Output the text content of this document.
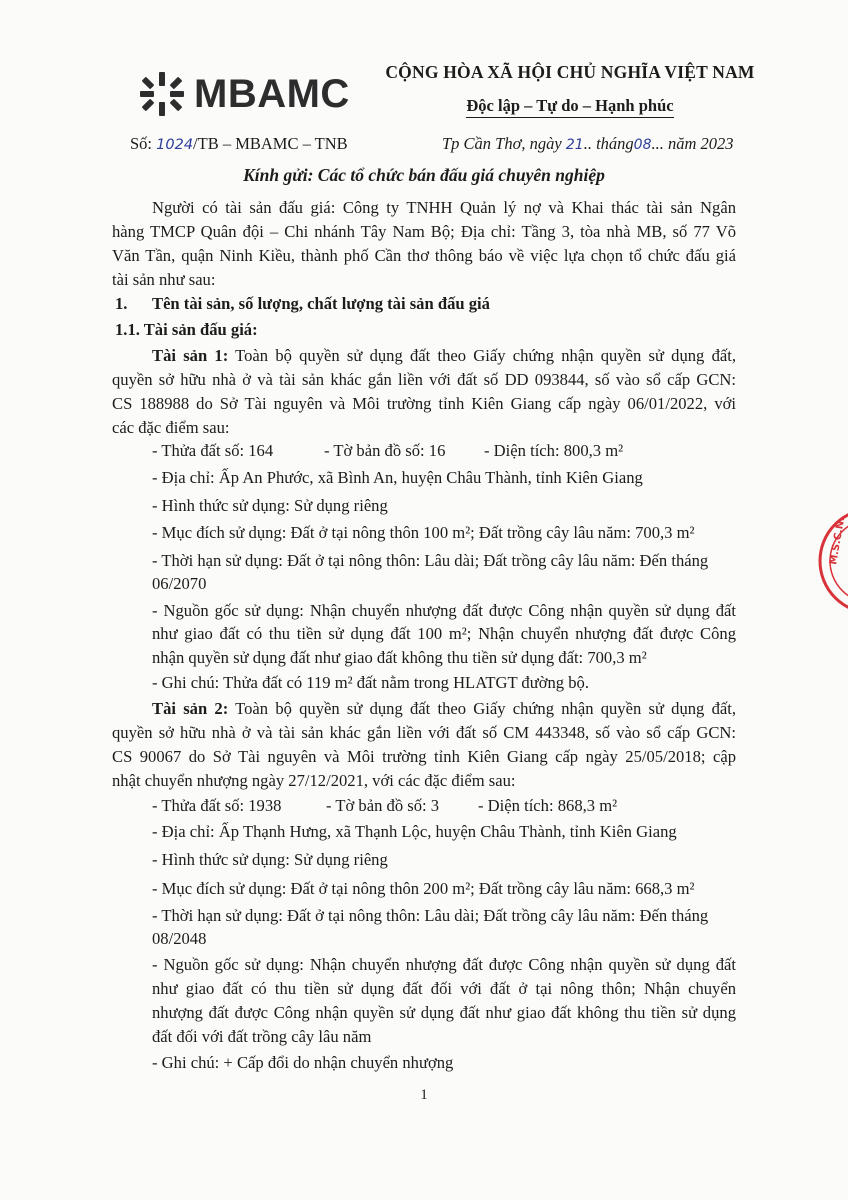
MBAMC	CỘNG HÒA XÃ HỘI CHỦ NGHĨA VIỆT NAM
Độc lập – Tự do – Hạnh phúc
Số: 1024/TB – MBAMC – TNB	Tp Cần Thơ, ngày 21.. tháng08... năm 2023
Kính gửi: Các tổ chức bán đấu giá chuyên nghiệp
Người có tài sản đấu giá: Công ty TNHH Quản lý nợ và Khai thác tài sản Ngân
hàng TMCP Quân đội – Chi nhánh Tây Nam Bộ; Địa chỉ: Tầng 3, tòa nhà MB, số 77 Võ
Văn Tần, quận Ninh Kiều, thành phố Cần thơ thông báo về việc lựa chọn tổ chức đấu giá
tài sản như sau:
1. Tên tài sản, số lượng, chất lượng tài sản đấu giá
1.1. Tài sản đấu giá:
Tài sản 1: Toàn bộ quyền sử dụng đất theo Giấy chứng nhận quyền sử dụng đất,
quyền sở hữu nhà ở và tài sản khác gắn liền với đất số DD 093844, số vào sổ cấp GCN:
CS 188988 do Sở Tài nguyên và Môi trường tỉnh Kiên Giang cấp ngày 06/01/2022, với
các đặc điểm sau:
- Thửa đất số: 164	- Tờ bản đồ số: 16 - Diện tích: 800,3 m²
- Địa chỉ: Ấp An Phước, xã Bình An, huyện Châu Thành, tỉnh Kiên Giang
- Hình thức sử dụng: Sử dụng riêng
- Mục đích sử dụng: Đất ở tại nông thôn 100 m²; Đất trồng cây lâu năm: 700,3 m²
- Thời hạn sử dụng: Đất ở tại nông thôn: Lâu dài; Đất trồng cây lâu năm: Đến tháng
06/2070
- Nguồn gốc sử dụng: Nhận chuyển nhượng đất được Công nhận quyền sử dụng đất
như giao đất có thu tiền sử dụng đất 100 m²; Nhận chuyển nhượng đất được Công
nhận quyền sử dụng đất như giao đất không thu tiền sử dụng đất: 700,3 m²
- Ghi chú: Thửa đất có 119 m² đất nằm trong HLATGT đường bộ.
Tài sản 2: Toàn bộ quyền sử dụng đất theo Giấy chứng nhận quyền sử dụng đất,
quyền sở hữu nhà ở và tài sản khác gắn liền với đất số CM 443348, số vào sổ cấp GCN:
CS 90067 do Sở Tài nguyên và Môi trường tỉnh Kiên Giang cấp ngày 25/05/2018; cập
nhật chuyển nhượng ngày 27/12/2021, với các đặc điểm sau:
- Thửa đất số: 1938	- Tờ bản đồ số: 3 - Diện tích: 868,3 m²
- Địa chỉ: Ấp Thạnh Hưng, xã Thạnh Lộc, huyện Châu Thành, tỉnh Kiên Giang
- Hình thức sử dụng: Sử dụng riêng
- Mục đích sử dụng: Đất ở tại nông thôn 200 m²; Đất trồng cây lâu năm: 668,3 m²
- Thời hạn sử dụng: Đất ở tại nông thôn: Lâu dài; Đất trồng cây lâu năm: Đến tháng
08/2048
- Nguồn gốc sử dụng: Nhận chuyển nhượng đất được Công nhận quyền sử dụng đất
như giao đất có thu tiền sử dụng đất đối với đất ở tại nông thôn; Nhận chuyển
nhượng đất được Công nhận quyền sử dụng đất như giao đất không thu tiền sử dụng
đất đối với đất trồng cây lâu năm
- Ghi chú: + Cấp đổi do nhận chuyển nhượng
1
M.S.C.N.
